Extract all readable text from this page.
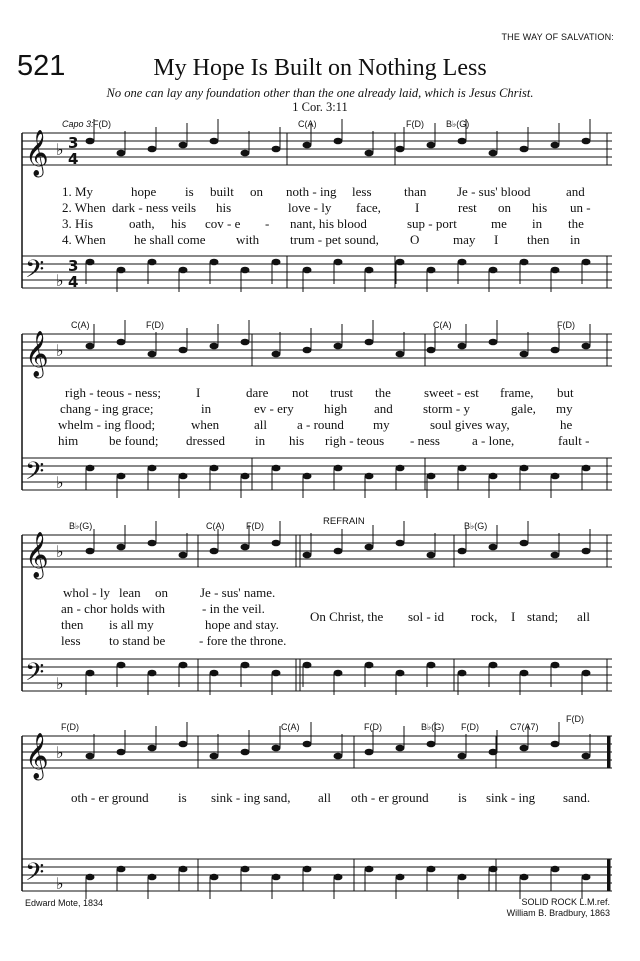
THE WAY OF SALVATION:
521	My Hope Is Built on Nothing Less
No one can lay any foundation other than the one already laid, which is Jesus Christ.
1 Cor. 3:11
𝄞 ♭ 3
4
𝄢 ♭
3
4
𝄞 ♭
𝄢 ♭
𝄞 ♭
𝄢 ♭
𝄞 ♭
𝄢 ♭
Capo 3: F(D)	C(A)	F(D) B♭(G)
1. My	hope is built on noth - ing less	than Je - sus' blood	and
2. When dark - ness veils his	love - ly face,	I	rest on his un -
3. His	oath, his cov - e - nant, his blood	sup - port	me in the
4. When he shall come with trum - pet sound, O	may I then in
C(A)	F(D)	C(A)	F(D)
righ - teous - ness;	I	dare not trust the	sweet - est frame, but
chang - ing grace;	in	ev - ery high and storm - y	gale, my
whelm - ing flood;	when	all a - round my	soul gives way,	he
him be found; dressed in his righ - teous - ness a - lone,	fault -
B♭(G)	C(A) F(D)	B♭(G)
REFRAIN
whol - ly lean on Je - sus' name.
an - chor holds with	- in the veil.
then is all my	hope and stay.
less to stand be	- fore the throne.
On Christ, the sol - id rock, I stand; all
F(D)	C(A)	F(D)	B♭(G) F(D)	C7(A7)
F(D)
oth - er ground is sink - ing sand, all oth - er ground is sink - ing sand.
Edward Mote, 1834	SOLID ROCK L.M.ref.
William B. Bradbury, 1863
